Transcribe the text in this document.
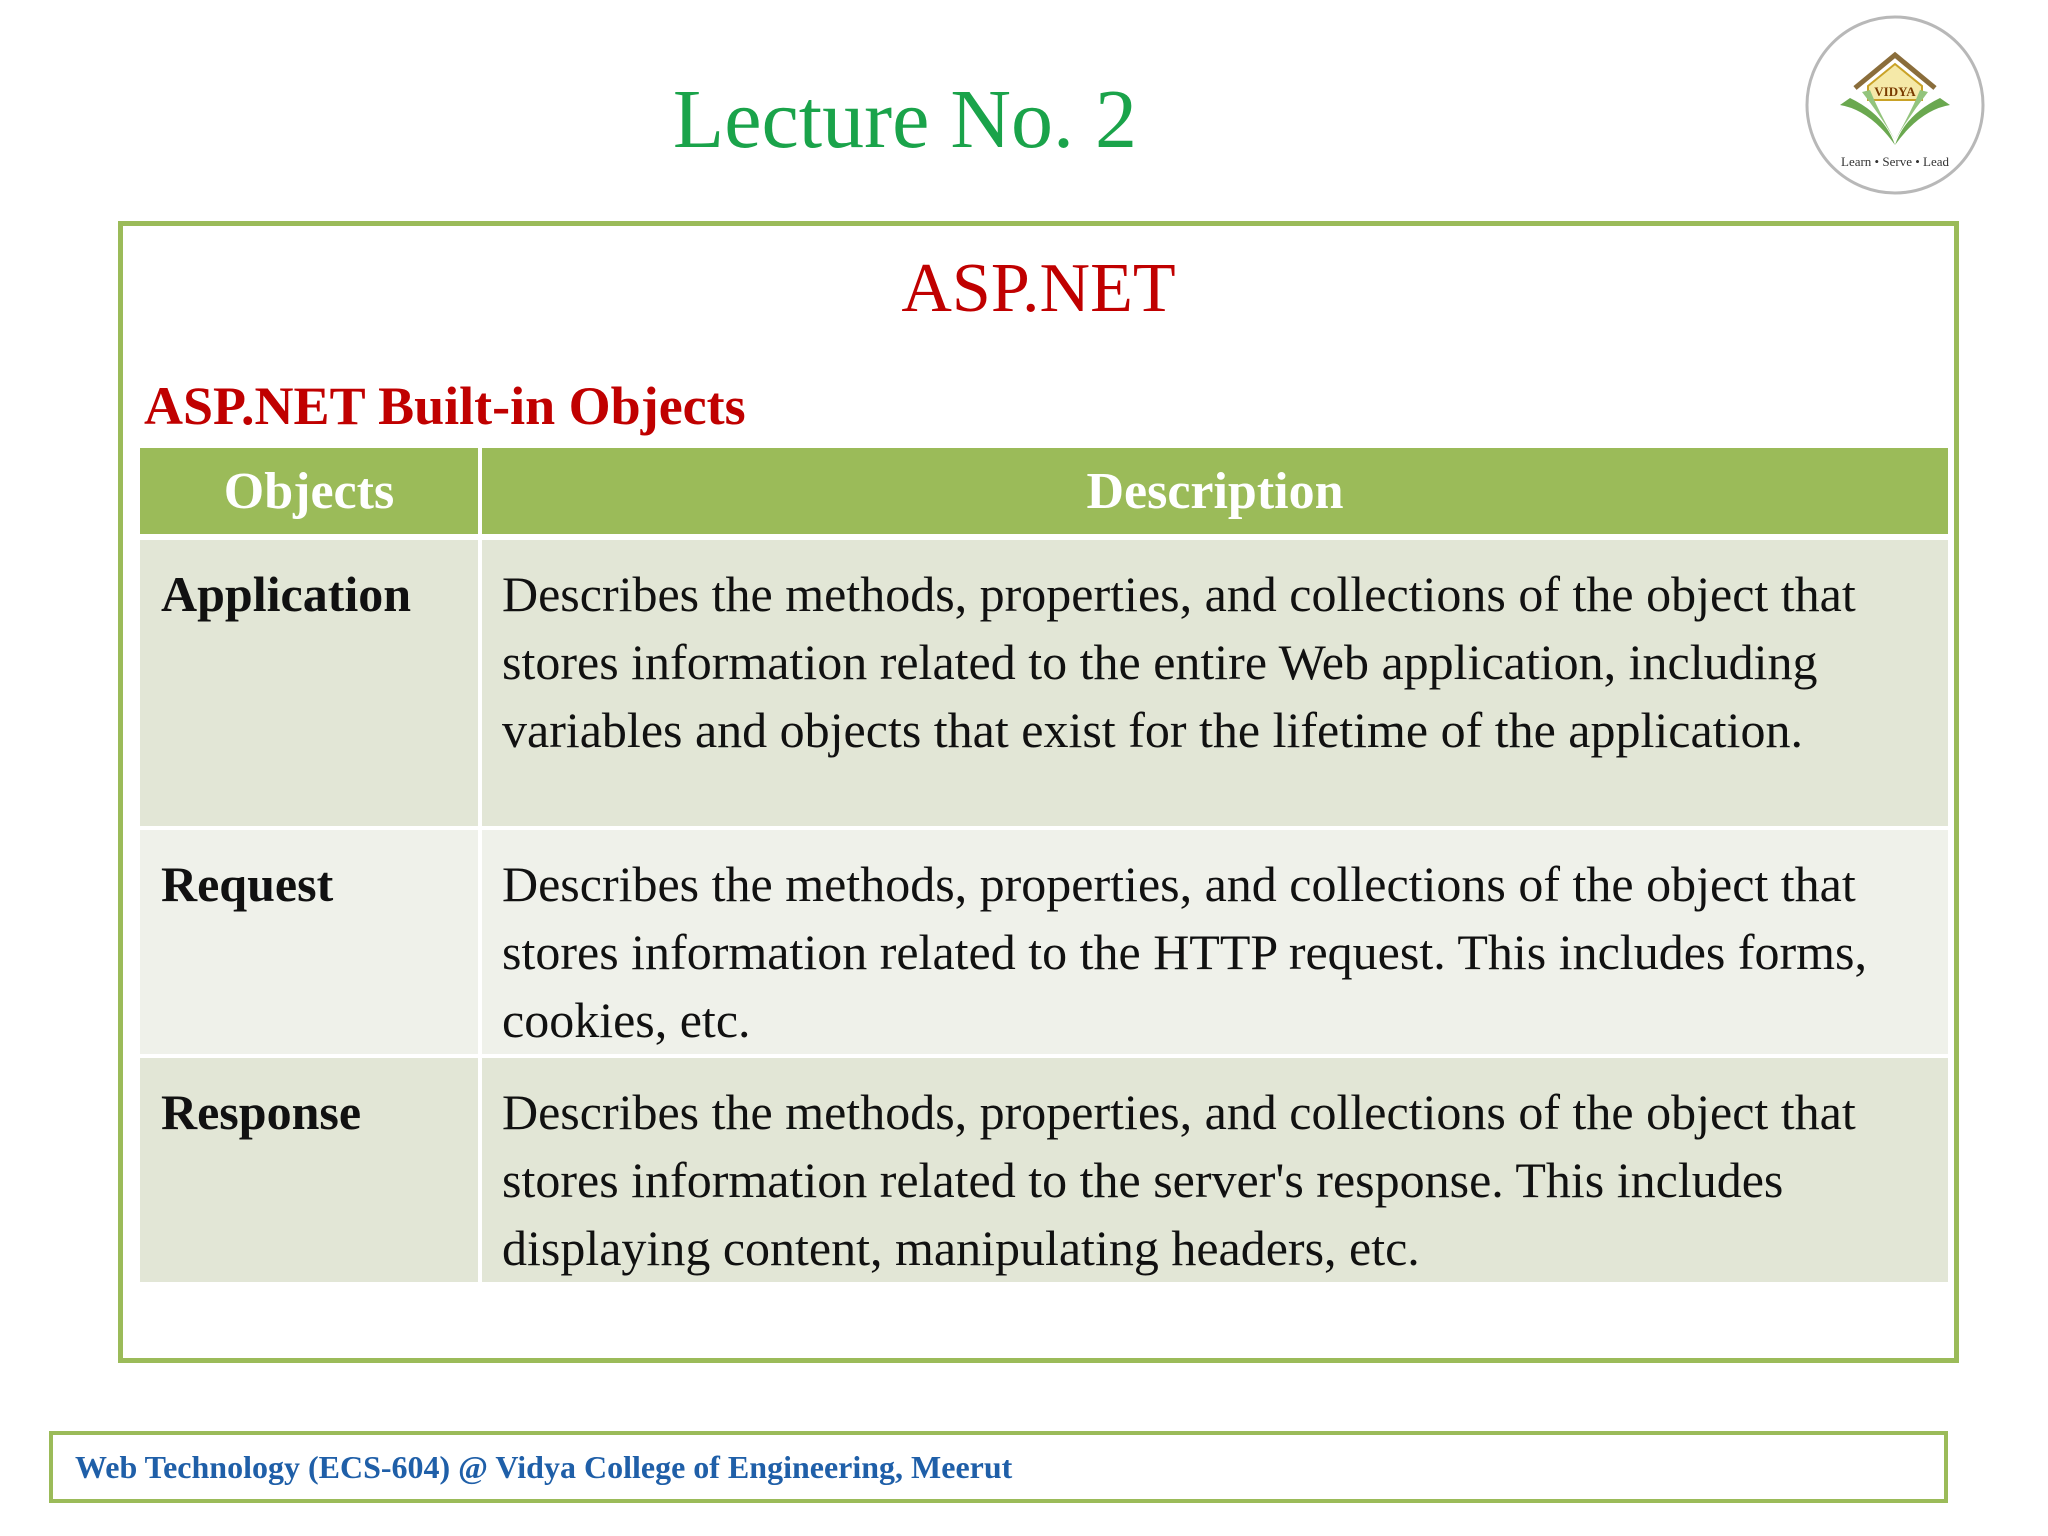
Lecture No. 2	VIDYA
Learn • Serve • Lead
ASP.NET
ASP.NET Built-in Objects
Objects	Description
Application	Describes the methods, properties, and collections of the object that stores information related to the entire Web application, including variables and objects that exist for the lifetime of the application.
Request	Describes the methods, properties, and collections of the object that stores information related to the HTTP request. This includes forms, cookies, etc.
Response	Describes the methods, properties, and collections of the object that stores information related to the server's response. This includes displaying content, manipulating headers, etc.

Web Technology (ECS-604) @ Vidya College of Engineering, Meerut
